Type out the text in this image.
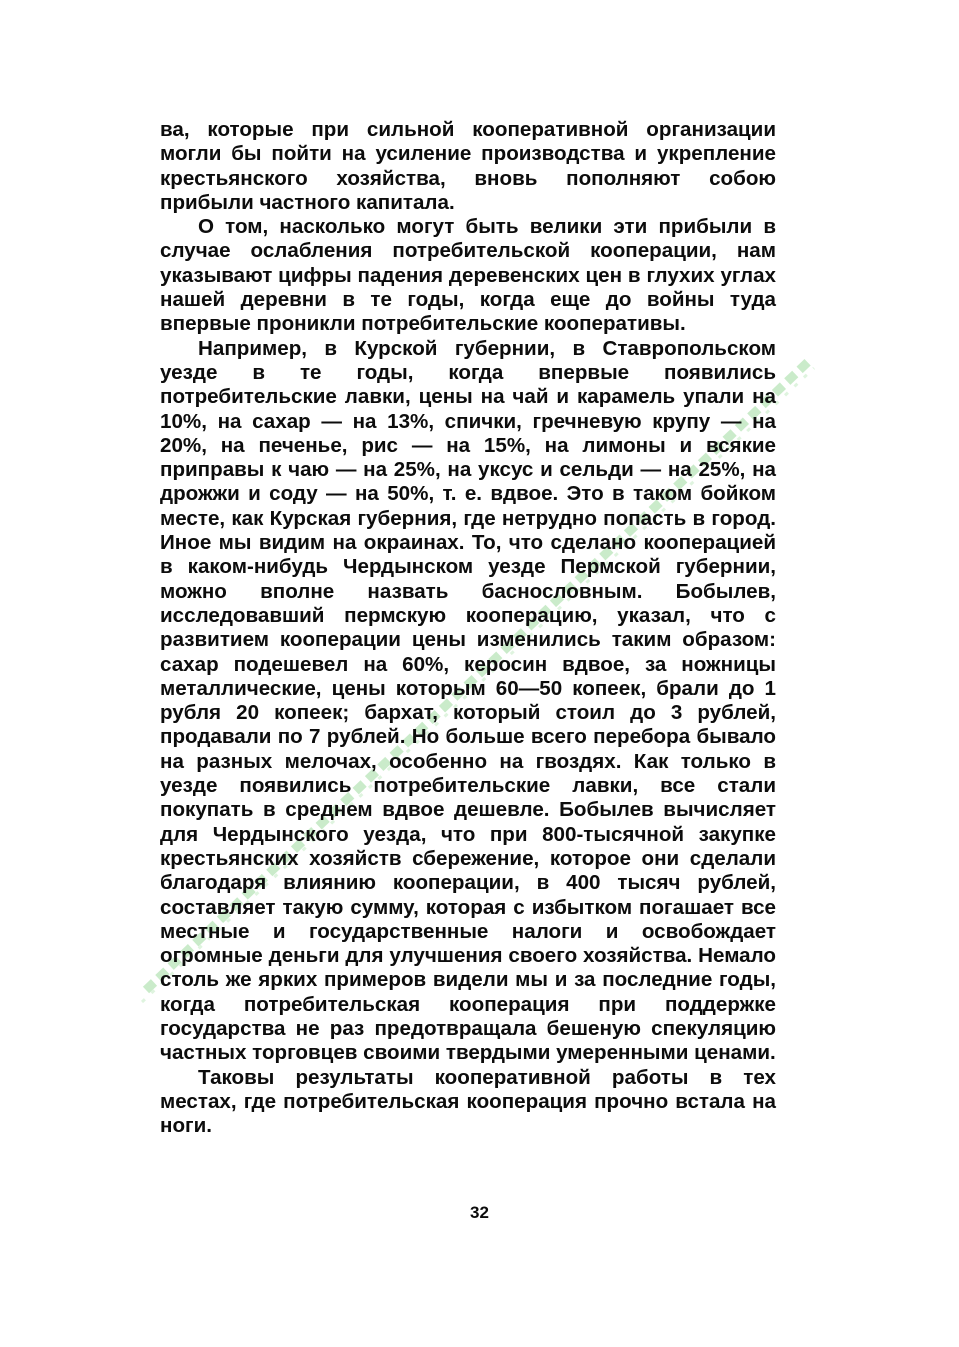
ва, которые при сильной кооперативной организации могли бы пойти на усиление производства и укрепление крестьянского хозяйства, вновь пополняют собою прибыли частного капитала.

О том, насколько могут быть велики эти прибыли в случае ослабления потребительской кооперации, нам указывают цифры падения деревенских цен в глухих углах нашей деревни в те годы, когда еще до войны туда впервые проникли потребительские кооперативы.

Например, в Курской губернии, в Ставропольском уезде в те годы, когда впервые появились потребительские лавки, цены на чай и карамель упали на 10%, на сахар — на 13%, спички, гречневую крупу — на 20%, на печенье, рис — на 15%, на лимоны и всякие приправы к чаю — на 25%, на уксус и сельди — на 25%, на дрожжи и соду — на 50%, т. е. вдвое. Это в таком бойком месте, как Курская губерния, где нетрудно попасть в город. Иное мы видим на окраинах. То, что сделано кооперацией в каком-нибудь Чердынском уезде Пермской губернии, можно вполне назвать баснословным. Бобылев, исследовавший пермскую кооперацию, указал, что с развитием кооперации цены изменились таким образом: сахар подешевел на 60%, керосин вдвое, за ножницы металлические, цены которым 60—50 копеек, брали до 1 рубля 20 копеек; бархат, который стоил до 3 рублей, продавали по 7 рублей. Но больше всего перебора бывало на разных мелочах, особенно на гвоздях. Как только в уезде появились потребительские лавки, все стали покупать в среднем вдвое дешевле. Бобылев вычисляет для Чердынского уезда, что при 800-тысячной закупке крестьянских хозяйств сбережение, которое они сделали благодаря влиянию кооперации, в 400 тысяч рублей, составляет такую сумму, которая с избытком погашает все местные и государственные налоги и освобождает огромные деньги для улучшения своего хозяйства. Немало столь же ярких примеров видели мы и за последние годы, когда потребительская кооперация при поддержке государства не раз предотвращала бешеную спекуляцию частных торговцев своими твердыми умеренными ценами.

Таковы результаты кооперативной работы в тех местах, где потребительская кооперация прочно встала на ноги.

32
